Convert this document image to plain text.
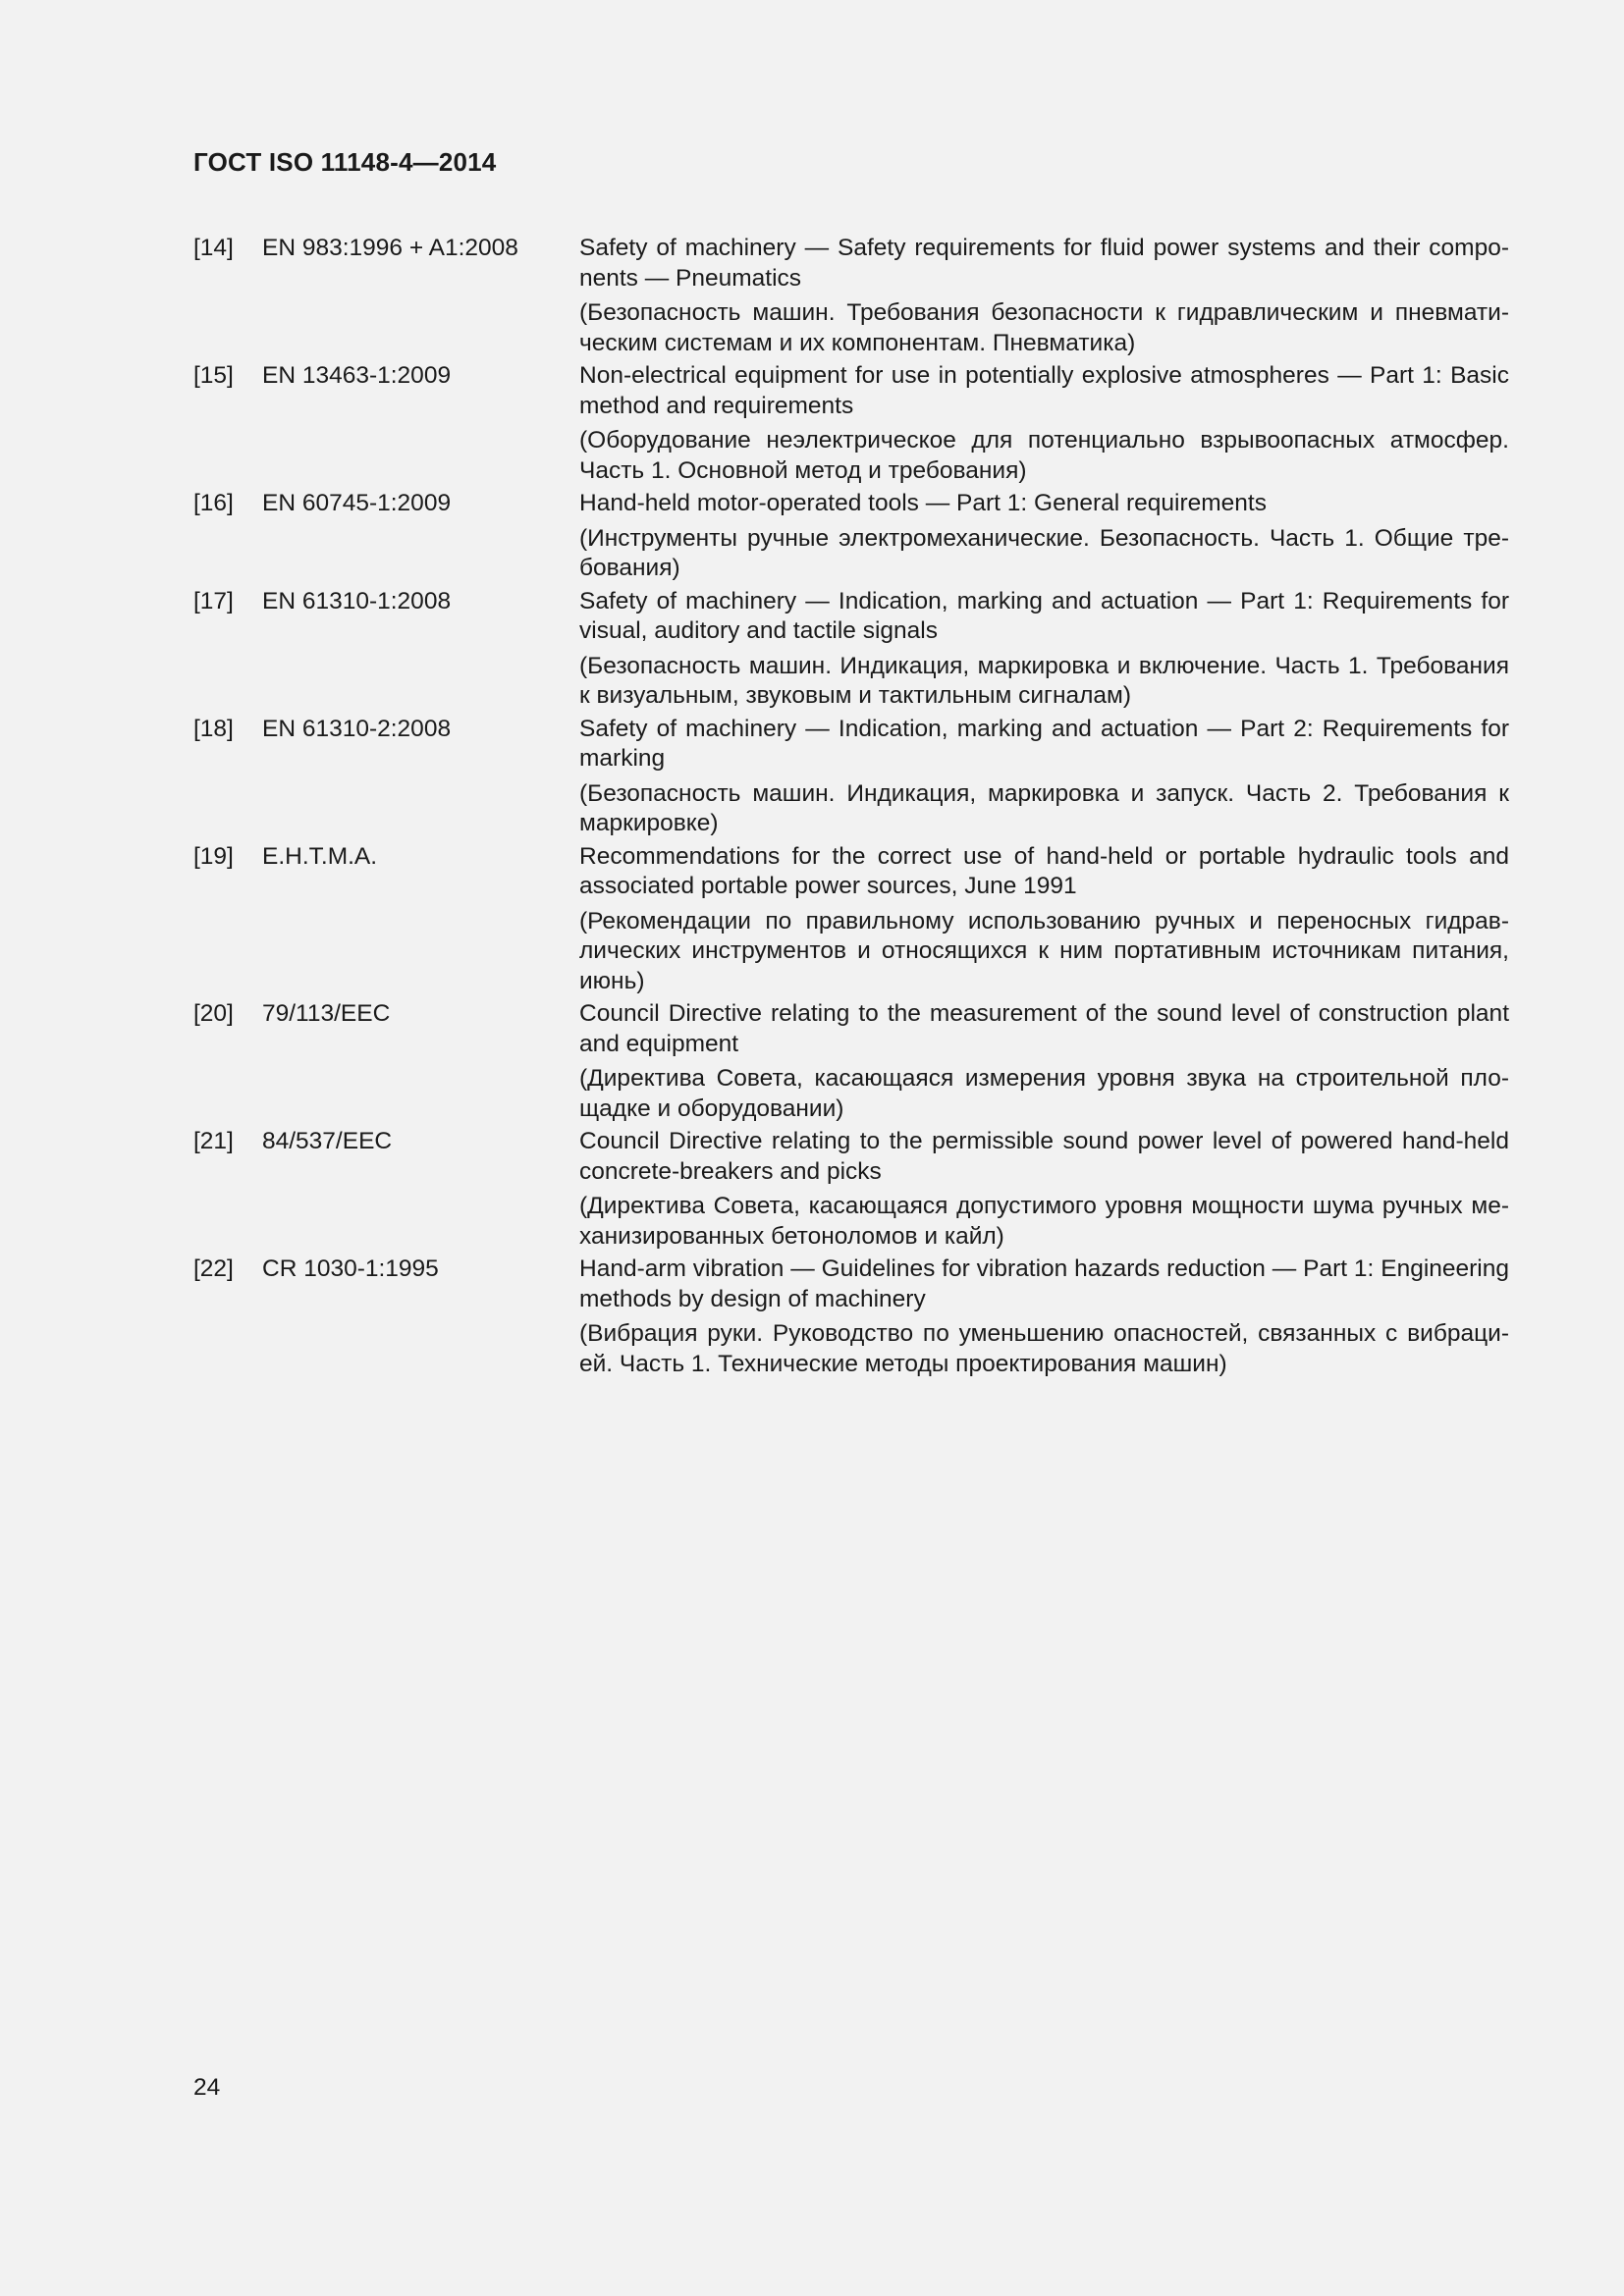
ГОСТ ISO 11148-4—2014
[14]	EN 983:1996 + A1:2008	Safety of machinery — Safety requirements for fluid power systems and their components — Pneumatics
(Безопасность машин. Требования безопасности к гидравлическим и пневматическим системам и их компонентам. Пневматика)
[15]	EN 13463-1:2009	Non-electrical equipment for use in potentially explosive atmospheres — Part 1: Basic method and requirements
(Оборудование неэлектрическое для потенциально взрывоопасных атмосфер. Часть 1. Основной метод и требования)
[16]	EN 60745-1:2009	Hand-held motor-operated tools — Part 1: General requirements
(Инструменты ручные электромеханические. Безопасность. Часть 1. Общие требования)
[17]	EN 61310-1:2008	Safety of machinery — Indication, marking and actuation — Part 1: Requirements for visual, auditory and tactile signals
(Безопасность машин. Индикация, маркировка и включение. Часть 1. Требования к визуальным, звуковым и тактильным сигналам)
[18]	EN 61310-2:2008	Safety of machinery — Indication, marking and actuation — Part 2: Requirements for marking
(Безопасность машин. Индикация, маркировка и запуск. Часть 2. Требования к маркировке)
[19]	E.H.T.M.A.	Recommendations for the correct use of hand-held or portable hydraulic tools and associated portable power sources, June 1991
(Рекомендации по правильному использованию ручных и переносных гидравлических инструментов и относящихся к ним портативным источникам питания, июнь)
[20]	79/113/EEC	Council Directive relating to the measurement of the sound level of construction plant and equipment
(Директива Совета, касающаяся измерения уровня звука на строительной площадке и оборудовании)
[21]	84/537/EEC	Council Directive relating to the permissible sound power level of powered hand-held concrete-breakers and picks
(Директива Совета, касающаяся допустимого уровня мощности шума ручных механизированных бетоноломов и кайл)
[22]	CR 1030-1:1995	Hand-arm vibration — Guidelines for vibration hazards reduction — Part 1: Engineering methods by design of machinery
(Вибрация руки. Руководство по уменьшению опасностей, связанных с вибрацией. Часть 1. Технические методы проектирования машин)
24
